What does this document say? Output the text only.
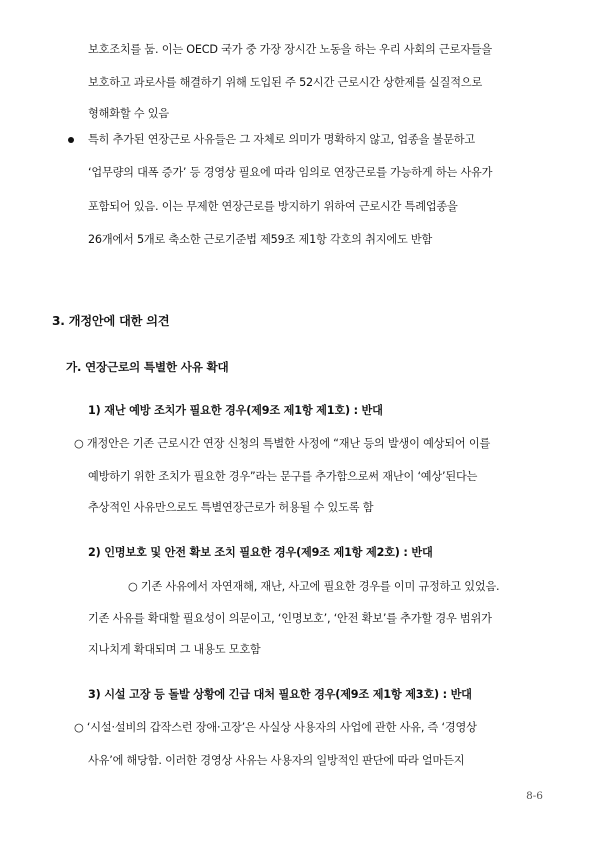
보호조치를 둠. 이는 OECD 국가 중 가장 장시간 노동을 하는 우리 사회의 근로자들을
보호하고 과로사를 해결하기 위해 도입된 주 52시간 근로시간 상한제를 실질적으로
형해화할 수 있음
특히 추가된 연장근로 사유들은 그 자체로 의미가 명확하지 않고, 업종을 불문하고
‘업무량의 대폭 증가’ 등 경영상 필요에 따라 임의로 연장근로를 가능하게 하는 사유가
포함되어 있음. 이는 무제한 연장근로를 방지하기 위하여 근로시간 특례업종을
26개에서 5개로 축소한 근로기준법 제59조 제1항 각호의 취지에도 반함
3. 개정안에 대한 의견
가. 연장근로의 특별한 사유 확대
1) 재난 예방 조치가 필요한 경우(제9조 제1항 제1호) : 반대
○ 개정안은 기존 근로시간 연장 신청의 특별한 사정에 “재난 등의 발생이 예상되어 이를
예방하기 위한 조치가 필요한 경우”라는 문구를 추가함으로써 재난이 ‘예상’된다는
추상적인 사유만으로도 특별연장근로가 허용될 수 있도록 함
2) 인명보호 및 안전 확보 조치 필요한 경우(제9조 제1항 제2호) : 반대
○ 기존 사유에서 자연재해, 재난, 사고에 필요한 경우를 이미 규정하고 있었음.
기존 사유를 확대할 필요성이 의문이고, ‘인명보호’, ‘안전 확보’를 추가할 경우 범위가
지나치게 확대되며 그 내용도 모호함
3) 시설 고장 등 돌발 상황에 긴급 대처 필요한 경우(제9조 제1항 제3호) : 반대
○ ‘시설·설비의 갑작스런 장애·고장’은 사실상 사용자의 사업에 관한 사유, 즉 ‘경영상
사유’에 해당함. 이러한 경영상 사유는 사용자의 일방적인 판단에 따라 얼마든지
8-6
